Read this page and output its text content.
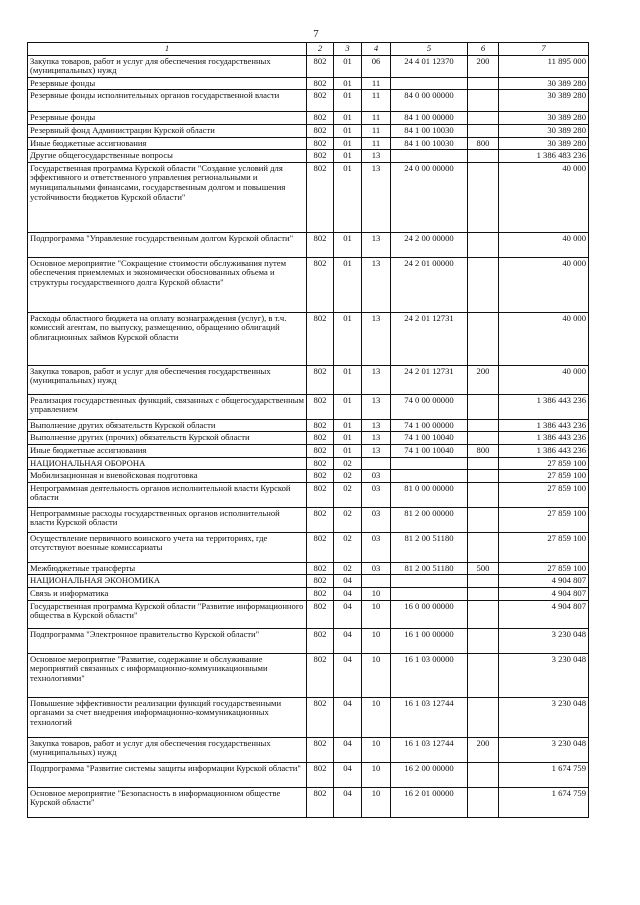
7
1	2	3	4	5	6	7
Закупка товаров, работ и услуг для обеспечения государственных (муниципальных) нужд	802	01	06	24 4 01 12370	200	11 895 000
Резервные фонды	802	01	11			30 389 280
Резервные фонды исполнительных органов государственной власти	802	01	11	84 0 00 00000		30 389 280
Резервные фонды	802	01	11	84 1 00 00000		30 389 280
Резервный фонд Администрации Курской области	802	01	11	84 1 00 10030		30 389 280
Иные бюджетные ассигнования	802	01	11	84 1 00 10030	800	30 389 280
Другие общегосударственные вопросы	802	01	13			1 386 483 236
Государственная программа Курской области "Создание условий для эффективного и ответственного управления региональными и муниципальными финансами, государственным долгом и повышения устойчивости бюджетов Курской области"	802	01	13	24 0 00 00000		40 000
Подпрограмма "Управление государственным долгом Курской области"	802	01	13	24 2 00 00000		40 000
Основное мероприятие "Сокращение стоимости обслуживания путем обеспечения приемлемых и экономически обоснованных объема и структуры государственного долга Курской области"	802	01	13	24 2 01 00000		40 000
Расходы областного бюджета на оплату вознаграждения (услуг), в т.ч. комиссий агентам, по выпуску, размещению, обращению облигаций облигационных займов Курской области	802	01	13	24 2 01 12731		40 000
Закупка товаров, работ и услуг для обеспечения государственных (муниципальных) нужд	802	01	13	24 2 01 12731	200	40 000
Реализация государственных функций, связанных с общегосударственным управлением	802	01	13	74 0 00 00000		1 386 443 236
Выполнение других обязательств Курской области	802	01	13	74 1 00 00000		1 386 443 236
Выполнение других (прочих) обязательств Курской области	802	01	13	74 1 00 10040		1 386 443 236
Иные бюджетные ассигнования	802	01	13	74 1 00 10040	800	1 386 443 236
НАЦИОНАЛЬНАЯ ОБОРОНА	802	02				27 859 100
Мобилизационная и вневойсковая подготовка	802	02	03			27 859 100
Непрограммная деятельность органов исполнительной власти Курской области	802	02	03	81 0 00 00000		27 859 100
Непрограммные расходы государственных органов исполнительной власти Курской области	802	02	03	81 2 00 00000		27 859 100
Осуществление первичного воинского учета на территориях, где отсутствуют военные комиссариаты	802	02	03	81 2 00 51180		27 859 100
Межбюджетные трансферты	802	02	03	81 2 00 51180	500	27 859 100
НАЦИОНАЛЬНАЯ ЭКОНОМИКА	802	04				4 904 807
Связь и информатика	802	04	10			4 904 807
Государственная программа Курской области "Развитие информационного общества в Курской области"	802	04	10	16 0 00 00000		4 904 807
Подпрограмма "Электронное правительство Курской области"	802	04	10	16 1 00 00000		3 230 048
Основное мероприятие "Развитие, содержание и обслуживание мероприятий связанных с информационно-коммуникационными технологиями"	802	04	10	16 1 03 00000		3 230 048
Повышение эффективности реализации функций государственными органами за счет внедрения информационно-коммуникационных технологий	802	04	10	16 1 03 12744		3 230 048
Закупка товаров, работ и услуг для обеспечения государственных (муниципальных) нужд	802	04	10	16 1 03 12744	200	3 230 048
Подпрограмма "Развитие системы защиты информации Курской области"	802	04	10	16 2 00 00000		1 674 759
Основное мероприятие "Безопасность в информационном обществе Курской области"	802	04	10	16 2 01 00000		1 674 759
